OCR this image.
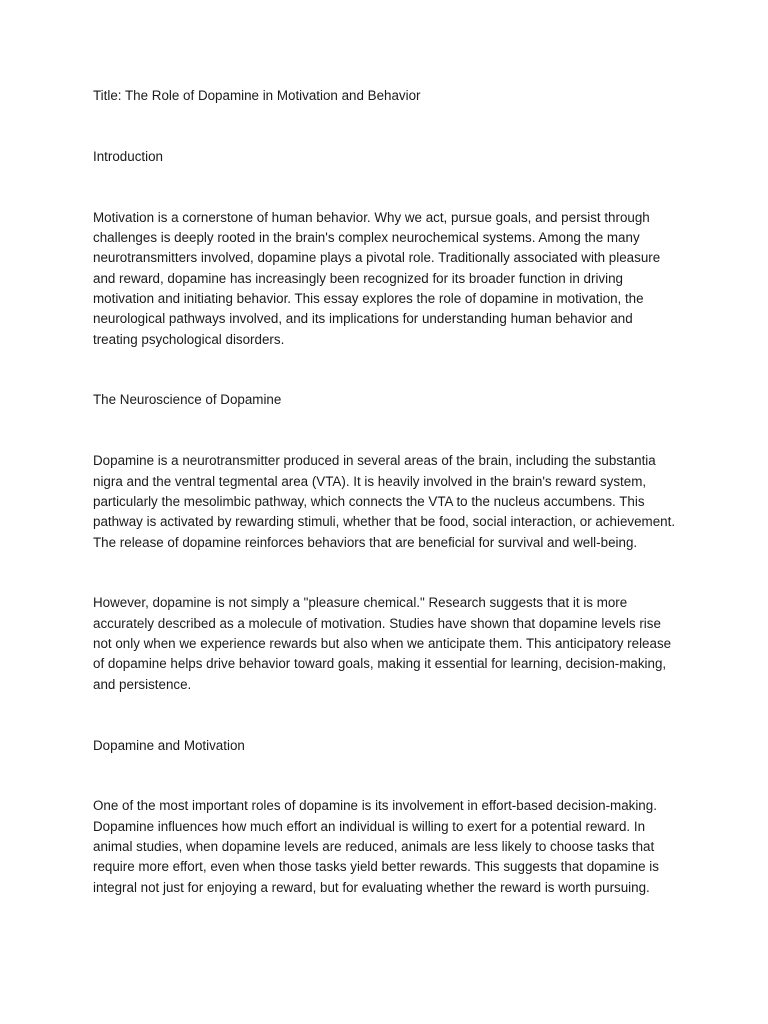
Title: The Role of Dopamine in Motivation and Behavior

Introduction

Motivation is a cornerstone of human behavior. Why we act, pursue goals, and persist through challenges is deeply rooted in the brain's complex neurochemical systems. Among the many neurotransmitters involved, dopamine plays a pivotal role. Traditionally associated with pleasure and reward, dopamine has increasingly been recognized for its broader function in driving motivation and initiating behavior. This essay explores the role of dopamine in motivation, the neurological pathways involved, and its implications for understanding human behavior and treating psychological disorders.

The Neuroscience of Dopamine

Dopamine is a neurotransmitter produced in several areas of the brain, including the substantia nigra and the ventral tegmental area (VTA). It is heavily involved in the brain's reward system, particularly the mesolimbic pathway, which connects the VTA to the nucleus accumbens. This pathway is activated by rewarding stimuli, whether that be food, social interaction, or achievement. The release of dopamine reinforces behaviors that are beneficial for survival and well-being.

However, dopamine is not simply a "pleasure chemical." Research suggests that it is more accurately described as a molecule of motivation. Studies have shown that dopamine levels rise not only when we experience rewards but also when we anticipate them. This anticipatory release of dopamine helps drive behavior toward goals, making it essential for learning, decision-making, and persistence.

Dopamine and Motivation

One of the most important roles of dopamine is its involvement in effort-based decision-making. Dopamine influences how much effort an individual is willing to exert for a potential reward. In animal studies, when dopamine levels are reduced, animals are less likely to choose tasks that require more effort, even when those tasks yield better rewards. This suggests that dopamine is integral not just for enjoying a reward, but for evaluating whether the reward is worth pursuing.
